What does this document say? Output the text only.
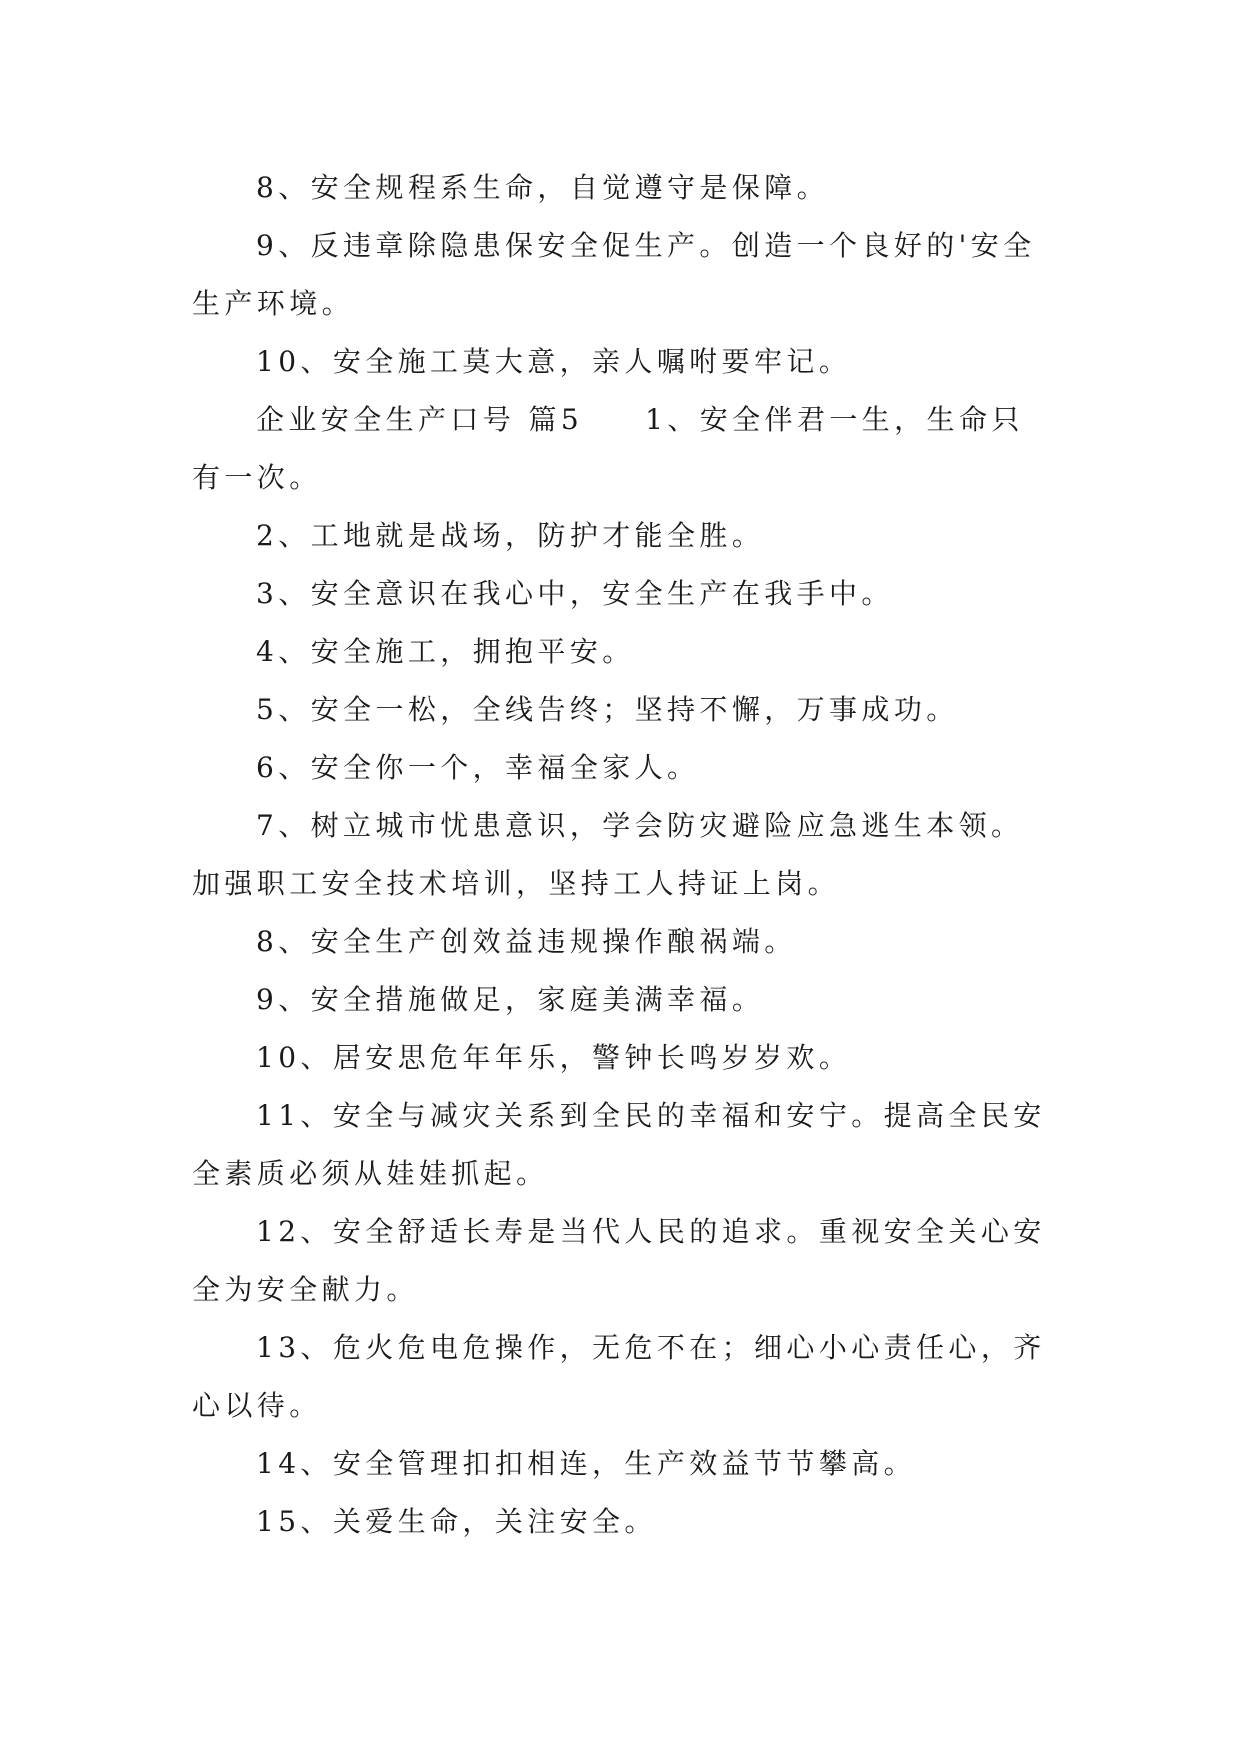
8、安全规程系生命，自觉遵守是保障。

9、反违章除隐患保安全促生产。创造一个良好的'安全生产环境。

10、安全施工莫大意，亲人嘱咐要牢记。

企业安全生产口号 篇5 1、安全伴君一生，生命只有一次。

2、工地就是战场，防护才能全胜。

3、安全意识在我心中，安全生产在我手中。

4、安全施工，拥抱平安。

5、安全一松，全线告终；坚持不懈，万事成功。

6、安全你一个，幸福全家人。

7、树立城市忧患意识，学会防灾避险应急逃生本领。加强职工安全技术培训，坚持工人持证上岗。

8、安全生产创效益违规操作酿祸端。

9、安全措施做足，家庭美满幸福。

10、居安思危年年乐，警钟长鸣岁岁欢。

11、安全与减灾关系到全民的幸福和安宁。提高全民安全素质必须从娃娃抓起。

12、安全舒适长寿是当代人民的追求。重视安全关心安全为安全献力。

13、危火危电危操作，无危不在；细心小心责任心，齐心以待。

14、安全管理扣扣相连，生产效益节节攀高。

15、关爱生命，关注安全。
